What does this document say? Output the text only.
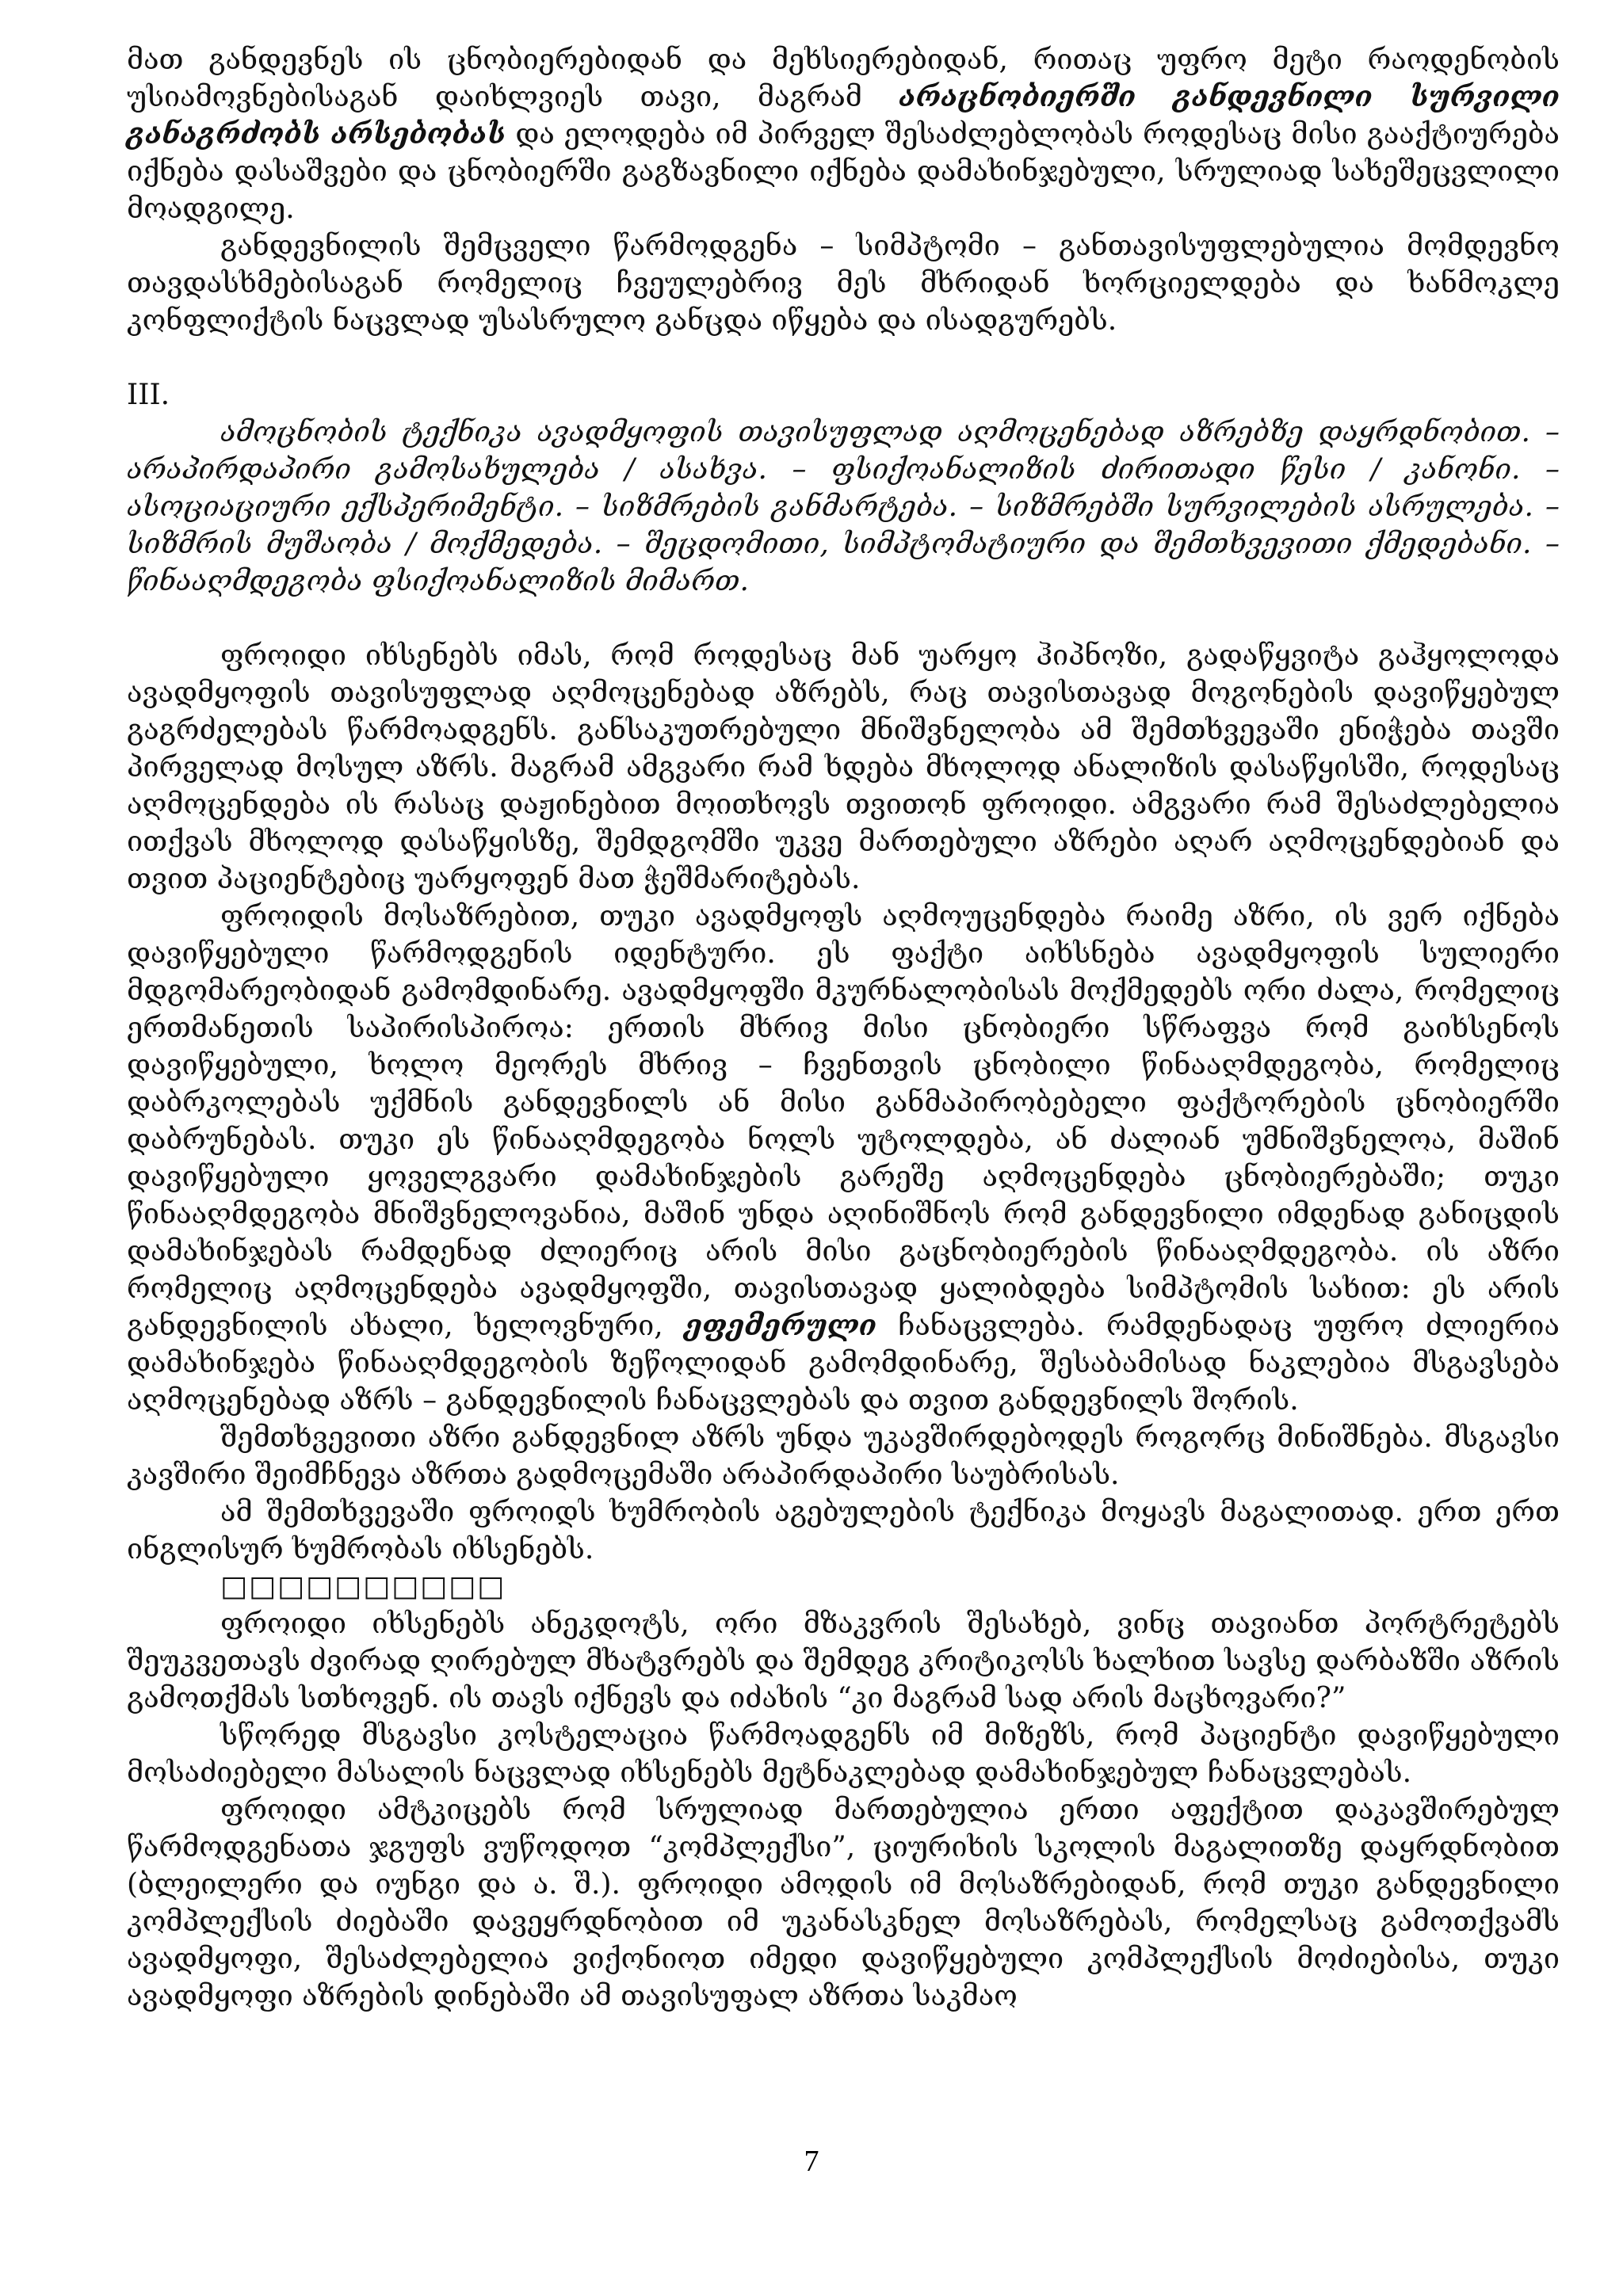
მათ განდევნეს ის ცნობიერებიდან და მეხსიერებიდან, რითაც უფრო მეტი რაოდენობის უსიამოვნებისაგან დაიხლვიეს თავი, მაგრამ არაცნობიერში განდევნილი სურვილი განაგრძობს არსებობას და ელოდება იმ პირველ შესაძლებლობას როდესაც მისი გააქტიურება იქნება დასაშვები და ცნობიერში გაგზავნილი იქნება დამახინჯებული, სრულიად სახეშეცვლილი მოადგილე.

განდევნილის შემცველი წარმოდგენა – სიმპტომი – განთავისუფლებულია მომდევნო თავდასხმებისაგან რომელიც ჩვეულებრივ მეს მხრიდან ხორციელდება და ხანმოკლე კონფლიქტის ნაცვლად უსასრულო განცდა იწყება და ისადგურებს.

III.

ამოცნობის ტექნიკა ავადმყოფის თავისუფლად აღმოცენებად აზრებზე დაყრდნობით. – არაპირდაპირი გამოსახულება / ასახვა. – ფსიქოანალიზის ძირითადი წესი / კანონი. – ასოციაციური ექსპერიმენტი. – სიზმრების განმარტება. – სიზმრებში სურვილების ასრულება. – სიზმრის მუშაობა / მოქმედება. – შეცდომითი, სიმპტომატიური და შემთხვევითი ქმედებანი. – წინააღმდეგობა ფსიქოანალიზის მიმართ.

ფროიდი იხსენებს იმას, რომ როდესაც მან უარყო ჰიპნოზი, გადაწყვიტა გაჰყოლოდა ავადმყოფის თავისუფლად აღმოცენებად აზრებს, რაც თავისთავად მოგონების დავიწყებულ გაგრძელებას წარმოადგენს. განსაკუთრებული მნიშვნელობა ამ შემთხვევაში ენიჭება თავში პირველად მოსულ აზრს. მაგრამ ამგვარი რამ ხდება მხოლოდ ანალიზის დასაწყისში, როდესაც აღმოცენდება ის რასაც დაჟინებით მოითხოვს თვითონ ფროიდი. ამგვარი რამ შესაძლებელია ითქვას მხოლოდ დასაწყისზე, შემდგომში უკვე მართებული აზრები აღარ აღმოცენდებიან და თვით პაციენტებიც უარყოფენ მათ ჭეშმარიტებას.

ფროიდის მოსაზრებით, თუკი ავადმყოფს აღმოუცენდება რაიმე აზრი, ის ვერ იქნება დავიწყებული წარმოდგენის იდენტური. ეს ფაქტი აიხსნება ავადმყოფის სულიერი მდგომარეობიდან გამომდინარე. ავადმყოფში მკურნალობისას მოქმედებს ორი ძალა, რომელიც ერთმანეთის საპირისპიროა: ერთის მხრივ მისი ცნობიერი სწრაფვა რომ გაიხსენოს დავიწყებული, ხოლო მეორეს მხრივ – ჩვენთვის ცნობილი წინააღმდეგობა, რომელიც დაბრკოლებას უქმნის განდევნილს ან მისი განმაპირობებელი ფაქტორების ცნობიერში დაბრუნებას. თუკი ეს წინააღმდეგობა ნოლს უტოლდება, ან ძალიან უმნიშვნელოა, მაშინ დავიწყებული ყოველგვარი დამახინჯების გარეშე აღმოცენდება ცნობიერებაში; თუკი წინააღმდეგობა მნიშვნელოვანია, მაშინ უნდა აღინიშნოს რომ განდევნილი იმდენად განიცდის დამახინჯებას რამდენად ძლიერიც არის მისი გაცნობიერების წინააღმდეგობა. ის აზრი რომელიც აღმოცენდება ავადმყოფში, თავისთავად ყალიბდება სიმპტომის სახით: ეს არის განდევნილის ახალი, ხელოვნური, ეფემერული ჩანაცვლება. რამდენადაც უფრო ძლიერია დამახინჯება წინააღმდეგობის ზეწოლიდან გამომდინარე, შესაბამისად ნაკლებია მსგავსება აღმოცენებად აზრს – განდევნილის ჩანაცვლებას და თვით განდევნილს შორის.

შემთხვევითი აზრი განდევნილ აზრს უნდა უკავშირდებოდეს როგორც მინიშნება. მსგავსი კავშირი შეიმჩნევა აზრთა გადმოცემაში არაპირდაპირი საუბრისას.

ამ შემთხვევაში ფროიდს ხუმრობის აგებულების ტექნიკა მოყავს მაგალითად. ერთ ერთ ინგლისურ ხუმრობას იხსენებს.

□□□□□□□□□□

ფროიდი იხსენებს ანეკდოტს, ორი მზაკვრის შესახებ, ვინც თავიანთ პორტრეტებს შეუკვეთავს ძვირად ღირებულ მხატვრებს და შემდეგ კრიტიკოსს ხალხით სავსე დარბაზში აზრის გამოთქმას სთხოვენ. ის თავს იქნევს და იძახის “კი მაგრამ სად არის მაცხოვარი?”

სწორედ მსგავსი კოსტელაცია წარმოადგენს იმ მიზეზს, რომ პაციენტი დავიწყებული მოსაძიებელი მასალის ნაცვლად იხსენებს მეტნაკლებად დამახინჯებულ ჩანაცვლებას.

ფროიდი ამტკიცებს რომ სრულიად მართებულია ერთი აფექტით დაკავშირებულ წარმოდგენათა ჯგუფს ვუწოდოთ “კომპლექსი”, ციურიხის სკოლის მაგალითზე დაყრდნობით (ბლეილერი და იუნგი და ა. შ.). ფროიდი ამოდის იმ მოსაზრებიდან, რომ თუკი განდევნილი კომპლექსის ძიებაში დავეყრდნობით იმ უკანასკნელ მოსაზრებას, რომელსაც გამოთქვამს ავადმყოფი, შესაძლებელია ვიქონიოთ იმედი დავიწყებული კომპლექსის მოძიებისა, თუკი ავადმყოფი აზრების დინებაში ამ თავისუფალ აზრთა საკმაო

7
